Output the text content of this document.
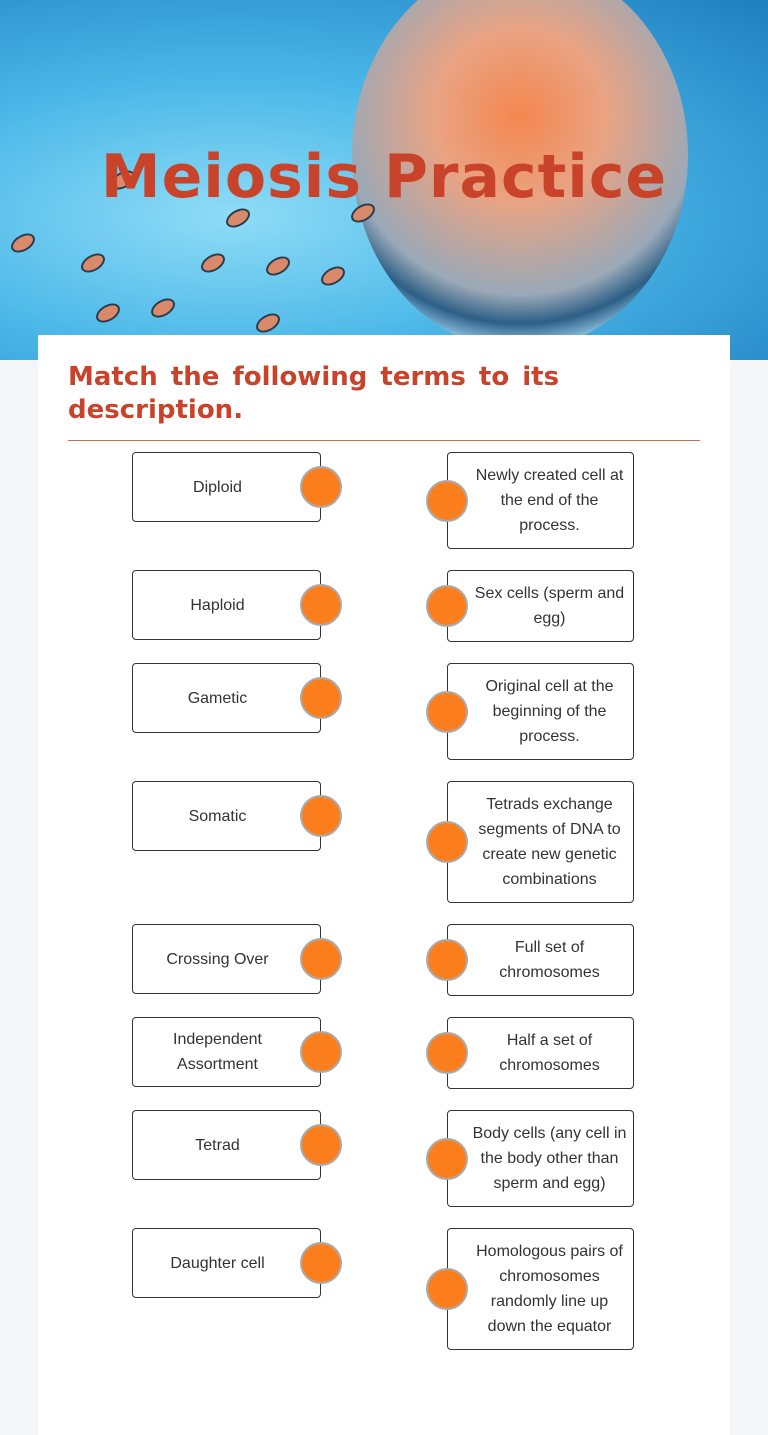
Meiosis Practice
Match the following terms to its description.
Diploid
Newly created cell at the end of the process.
Haploid
Sex cells (sperm and egg)
Gametic
Original cell at the beginning of the process.
Somatic
Tetrads exchange segments of DNA to create new genetic combinations
Crossing Over
Full set of chromosomes
Independent Assortment
Half a set of chromosomes
Tetrad
Body cells (any cell in the body other than sperm and egg)
Daughter cell
Homologous pairs of chromosomes randomly line up down the equator
